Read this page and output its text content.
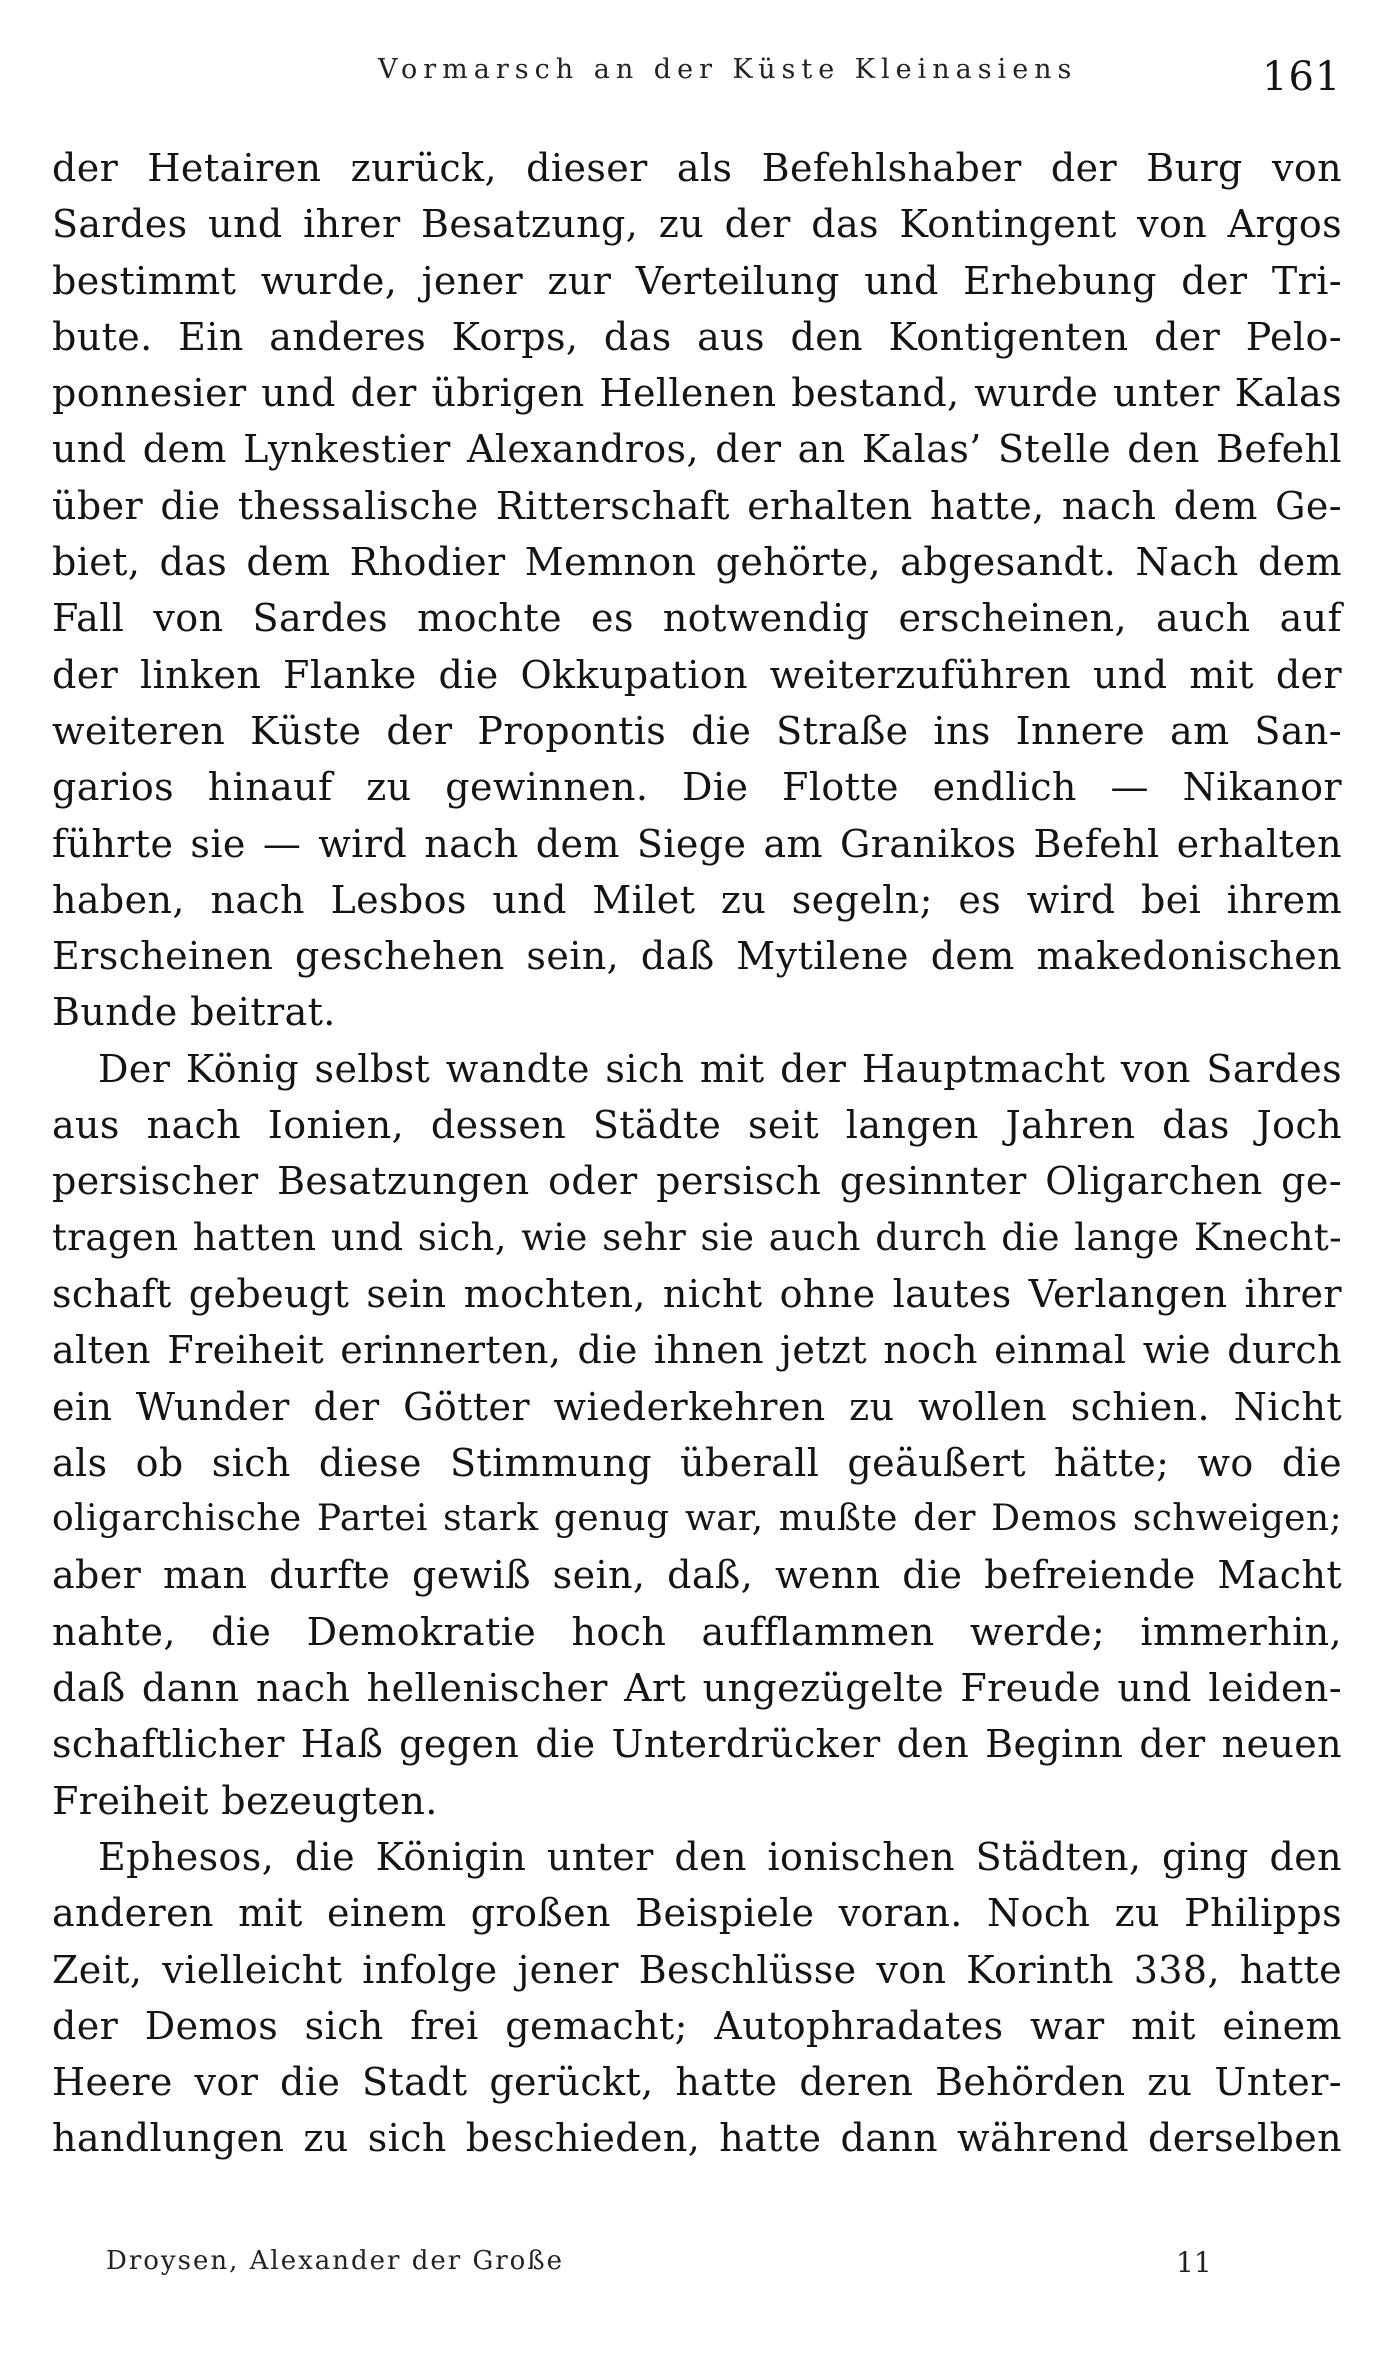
Vormarsch an der Küste Kleinasiens	161
der Hetairen zurück, dieser als Befehlshaber der Burg von
Sardes und ihrer Besatzung, zu der das Kontingent von Argos
bestimmt wurde, jener zur Verteilung und Erhebung der Tri-
bute. Ein anderes Korps, das aus den Kontigenten der Pelo-
ponnesier und der übrigen Hellenen bestand, wurde unter Kalas
und dem Lynkestier Alexandros, der an Kalas’ Stelle den Befehl
über die thessalische Ritterschaft erhalten hatte, nach dem Ge-
biet, das dem Rhodier Memnon gehörte, abgesandt. Nach dem
Fall von Sardes mochte es notwendig erscheinen, auch auf
der linken Flanke die Okkupation weiterzuführen und mit der
weiteren Küste der Propontis die Straße ins Innere am San-
garios hinauf zu gewinnen. Die Flotte endlich — Nikanor
führte sie — wird nach dem Siege am Granikos Befehl erhalten
haben, nach Lesbos und Milet zu segeln; es wird bei ihrem
Erscheinen geschehen sein, daß Mytilene dem makedonischen
Bunde beitrat.
Der König selbst wandte sich mit der Hauptmacht von Sardes
aus nach Ionien, dessen Städte seit langen Jahren das Joch
persischer Besatzungen oder persisch gesinnter Oligarchen ge-
tragen hatten und sich, wie sehr sie auch durch die lange Knecht-
schaft gebeugt sein mochten, nicht ohne lautes Verlangen ihrer
alten Freiheit erinnerten, die ihnen jetzt noch einmal wie durch
ein Wunder der Götter wiederkehren zu wollen schien. Nicht
als ob sich diese Stimmung überall geäußert hätte; wo die
oligarchische Partei stark genug war, mußte der Demos schweigen;
aber man durfte gewiß sein, daß, wenn die befreiende Macht
nahte, die Demokratie hoch aufflammen werde; immerhin,
daß dann nach hellenischer Art ungezügelte Freude und leiden-
schaftlicher Haß gegen die Unterdrücker den Beginn der neuen
Freiheit bezeugten.
Ephesos, die Königin unter den ionischen Städten, ging den
anderen mit einem großen Beispiele voran. Noch zu Philipps
Zeit, vielleicht infolge jener Beschlüsse von Korinth 338, hatte
der Demos sich frei gemacht; Autophradates war mit einem
Heere vor die Stadt gerückt, hatte deren Behörden zu Unter-
handlungen zu sich beschieden, hatte dann während derselben
Droysen, Alexander der Große	11
